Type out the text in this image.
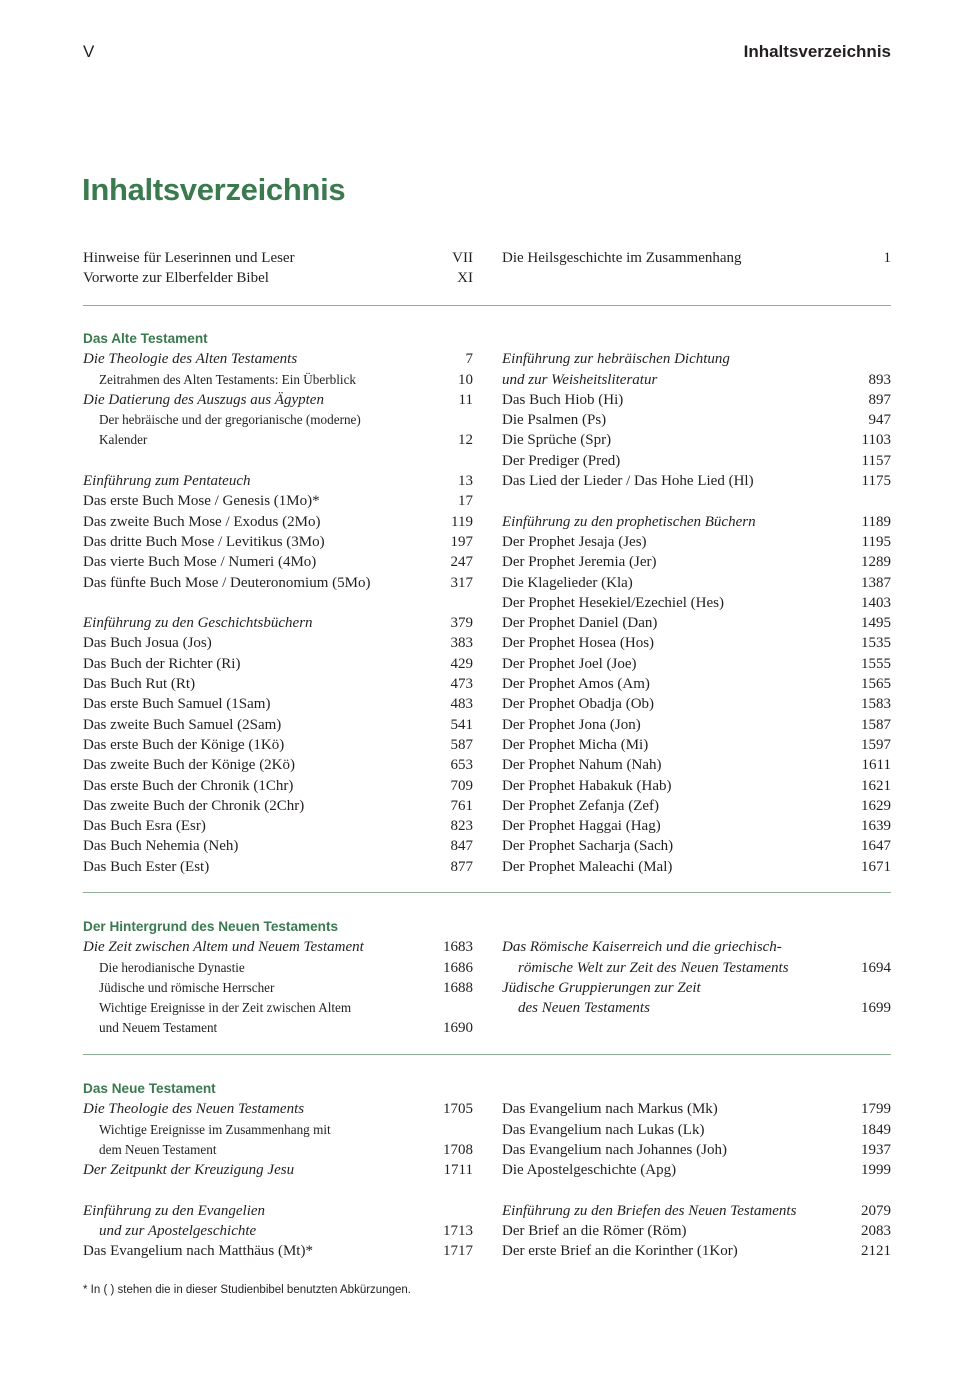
V	Inhaltsverzeichnis
Inhaltsverzeichnis
Hinweise für Leserinnen und Leser	VII
Vorworte zur Elberfelder Bibel	XI
Die Heilsgeschichte im Zusammenhang	1
Das Alte Testament
Die Theologie des Alten Testaments	7
Zeitrahmen des Alten Testaments: Ein Überblick	10
Die Datierung des Auszugs aus Ägypten	11
Der hebräische und der gregorianische (moderne)
Kalender	12
Einführung zum Pentateuch	13
Das erste Buch Mose / Genesis (1Mo)*	17
Das zweite Buch Mose / Exodus (2Mo)	119
Das dritte Buch Mose / Levitikus (3Mo)	197
Das vierte Buch Mose / Numeri (4Mo)	247
Das fünfte Buch Mose / Deuteronomium (5Mo)	317
Einführung zu den Geschichtsbüchern	379
Das Buch Josua (Jos)	383
Das Buch der Richter (Ri)	429
Das Buch Rut (Rt)	473
Das erste Buch Samuel (1Sam)	483
Das zweite Buch Samuel (2Sam)	541
Das erste Buch der Könige (1Kö)	587
Das zweite Buch der Könige (2Kö)	653
Das erste Buch der Chronik (1Chr)	709
Das zweite Buch der Chronik (2Chr)	761
Das Buch Esra (Esr)	823
Das Buch Nehemia (Neh)	847
Das Buch Ester (Est)	877
Einführung zur hebräischen Dichtung
und zur Weisheitsliteratur	893
Das Buch Hiob (Hi)	897
Die Psalmen (Ps)	947
Die Sprüche (Spr)	1103
Der Prediger (Pred)	1157
Das Lied der Lieder / Das Hohe Lied (Hl)	1175
Einführung zu den prophetischen Büchern	1189
Der Prophet Jesaja (Jes)	1195
Der Prophet Jeremia (Jer)	1289
Die Klagelieder (Kla)	1387
Der Prophet Hesekiel/Ezechiel (Hes)	1403
Der Prophet Daniel (Dan)	1495
Der Prophet Hosea (Hos)	1535
Der Prophet Joel (Joe)	1555
Der Prophet Amos (Am)	1565
Der Prophet Obadja (Ob)	1583
Der Prophet Jona (Jon)	1587
Der Prophet Micha (Mi)	1597
Der Prophet Nahum (Nah)	1611
Der Prophet Habakuk (Hab)	1621
Der Prophet Zefanja (Zef)	1629
Der Prophet Haggai (Hag)	1639
Der Prophet Sacharja (Sach)	1647
Der Prophet Maleachi (Mal)	1671
Der Hintergrund des Neuen Testaments
Die Zeit zwischen Altem und Neuem Testament	1683
Die herodianische Dynastie	1686
Jüdische und römische Herrscher	1688
Wichtige Ereignisse in der Zeit zwischen Altem
und Neuem Testament	1690
Das Römische Kaiserreich und die griechisch-
römische Welt zur Zeit des Neuen Testaments	1694
Jüdische Gruppierungen zur Zeit
des Neuen Testaments	1699
Das Neue Testament
Die Theologie des Neuen Testaments	1705
Wichtige Ereignisse im Zusammenhang mit
dem Neuen Testament	1708
Der Zeitpunkt der Kreuzigung Jesu	1711
Einführung zu den Evangelien
und zur Apostelgeschichte	1713
Das Evangelium nach Matthäus (Mt)*	1717
Das Evangelium nach Markus (Mk)	1799
Das Evangelium nach Lukas (Lk)	1849
Das Evangelium nach Johannes (Joh)	1937
Die Apostelgeschichte (Apg)	1999
Einführung zu den Briefen des Neuen Testaments	2079
Der Brief an die Römer (Röm)	2083
Der erste Brief an die Korinther (1Kor)	2121
* In ( ) stehen die in dieser Studienbibel benutzten Abkürzungen.
